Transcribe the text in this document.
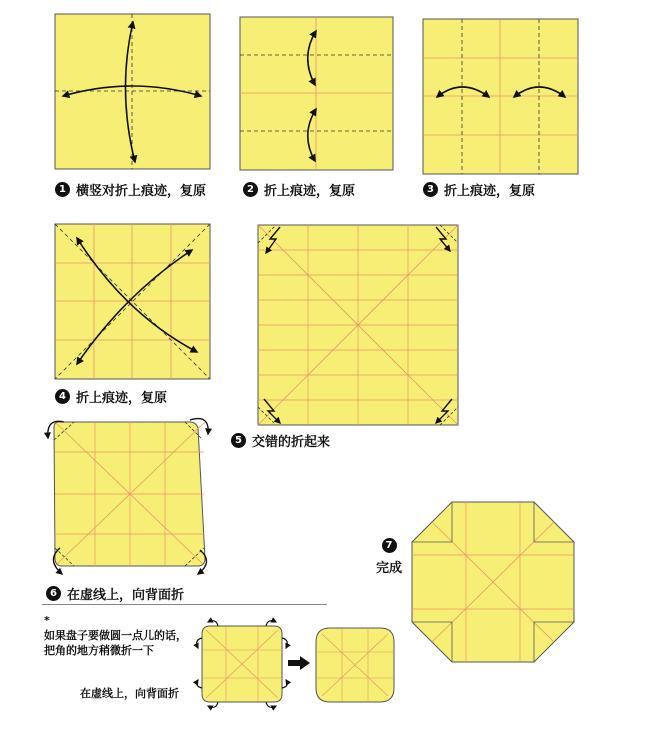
1 横竖对折上痕迹，复原	2 折上痕迹，复原	3 折上痕迹，复原
4 折上痕迹，复原
5 交错的折起来
6 在虚线上，向背面折
7
完成
*
如果盘子要做圆一点儿的话，
把角的地方稍微折一下
在虚线上，向背面折
